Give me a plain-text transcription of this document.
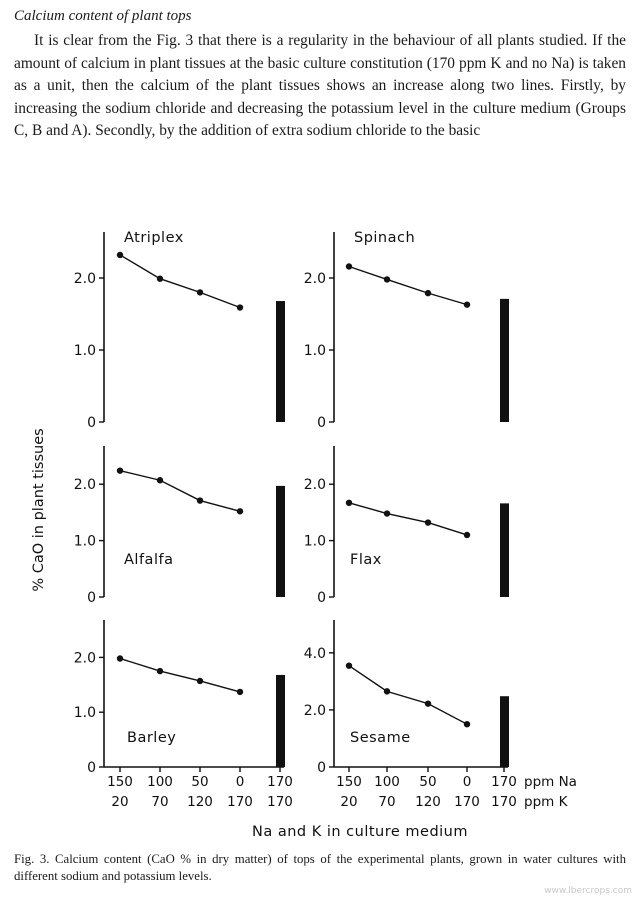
Calcium content of plant tops

It is clear from the Fig. 3 that there is a regularity in the behaviour of all plants studied. If the amount of calcium in plant tissues at the basic culture constitution (170 ppm K and no Na) is taken as a unit, then the calcium of the plant tissues shows an increase along two lines. Firstly, by increasing the sodium chloride and decreasing the potassium level in the culture medium (Groups C, B and A). Secondly, by the addition of extra sodium chloride to the basic

2.0
1.0
0
Atriplex
2.0
1.0
0
Spinach
2.0
1.0
0
Alfalfa
2.0
1.0
0
Flax
2.0
1.0
0
Barley
4.0
2.0
0
Sesame
150
20
100
70
50
120
0
170
170
170
150
20
100
70
50
120
0
170
170
170
ppm Na
ppm K
Na and K in culture medium
% CaO in plant tissues

Fig. 3. Calcium content (CaO % in dry matter) of tops of the experimental plants, grown in water cultures with different sodium and potassium levels.

www.lbercrops.com
